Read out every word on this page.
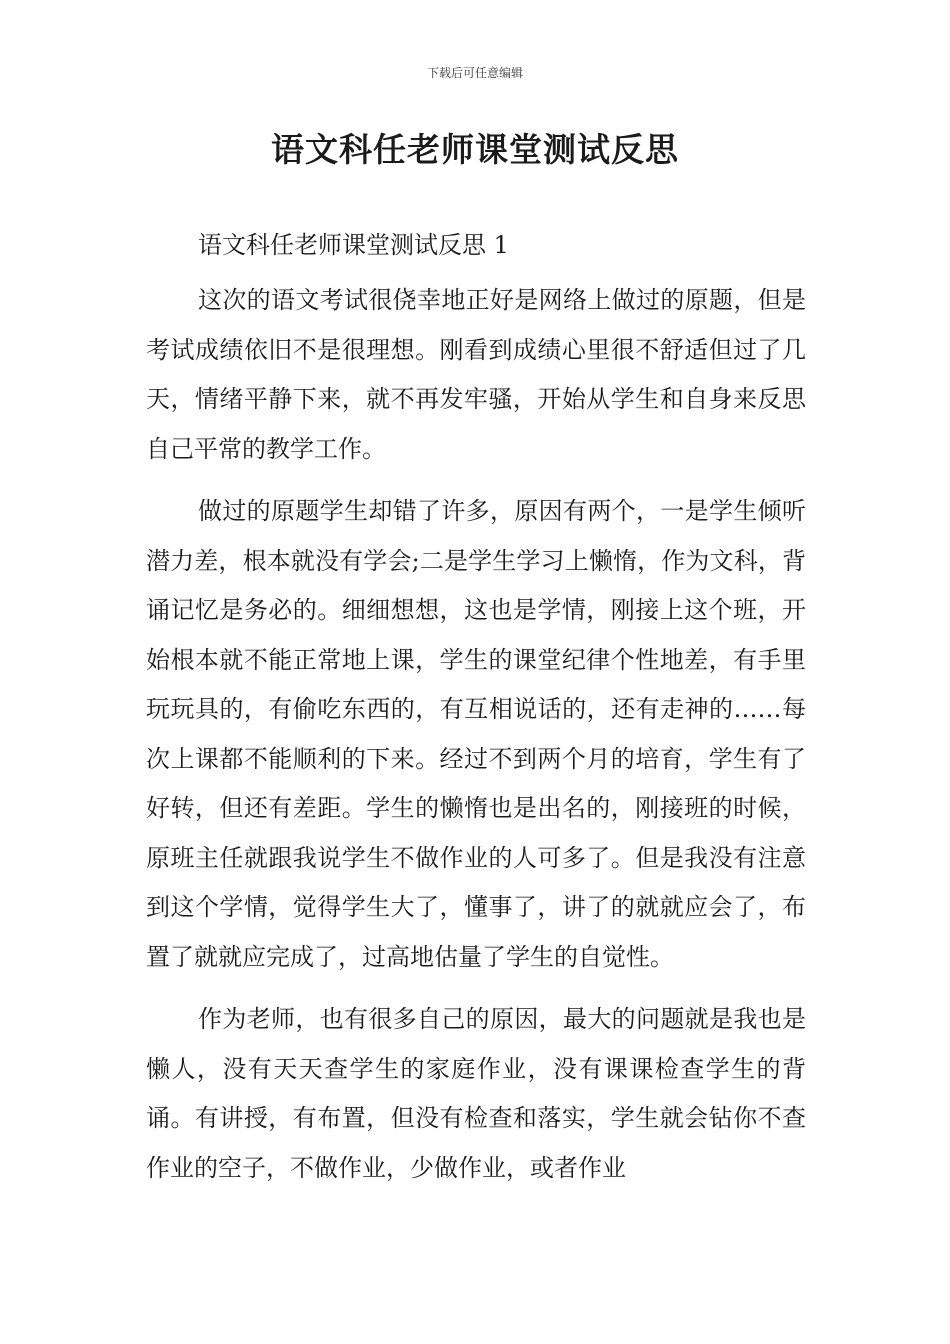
下载后可任意编辑
语文科任老师课堂测试反思

语文科任老师课堂测试反思 1

这次的语文考试很侥幸地正好是网络上做过的原题，但是考试成绩依旧不是很理想。刚看到成绩心里很不舒适但过了几天，情绪平静下来，就不再发牢骚，开始从学生和自身来反思自己平常的教学工作。

做过的原题学生却错了许多，原因有两个，一是学生倾听潜力差，根本就没有学会;二是学生学习上懒惰，作为文科，背诵记忆是务必的。细细想想，这也是学情，刚接上这个班，开始根本就不能正常地上课，学生的课堂纪律个性地差，有手里玩玩具的，有偷吃东西的，有互相说话的，还有走神的……每次上课都不能顺利的下来。经过不到两个月的培育，学生有了好转，但还有差距。学生的懒惰也是出名的，刚接班的时候，原班主任就跟我说学生不做作业的人可多了。但是我没有注意到这个学情，觉得学生大了，懂事了，讲了的就就应会了，布置了就就应完成了，过高地估量了学生的自觉性。

作为老师，也有很多自己的原因，最大的问题就是我也是懒人，没有天天查学生的家庭作业，没有课课检查学生的背诵。有讲授，有布置，但没有检查和落实，学生就会钻你不查作业的空子，不做作业，少做作业，或者作业
